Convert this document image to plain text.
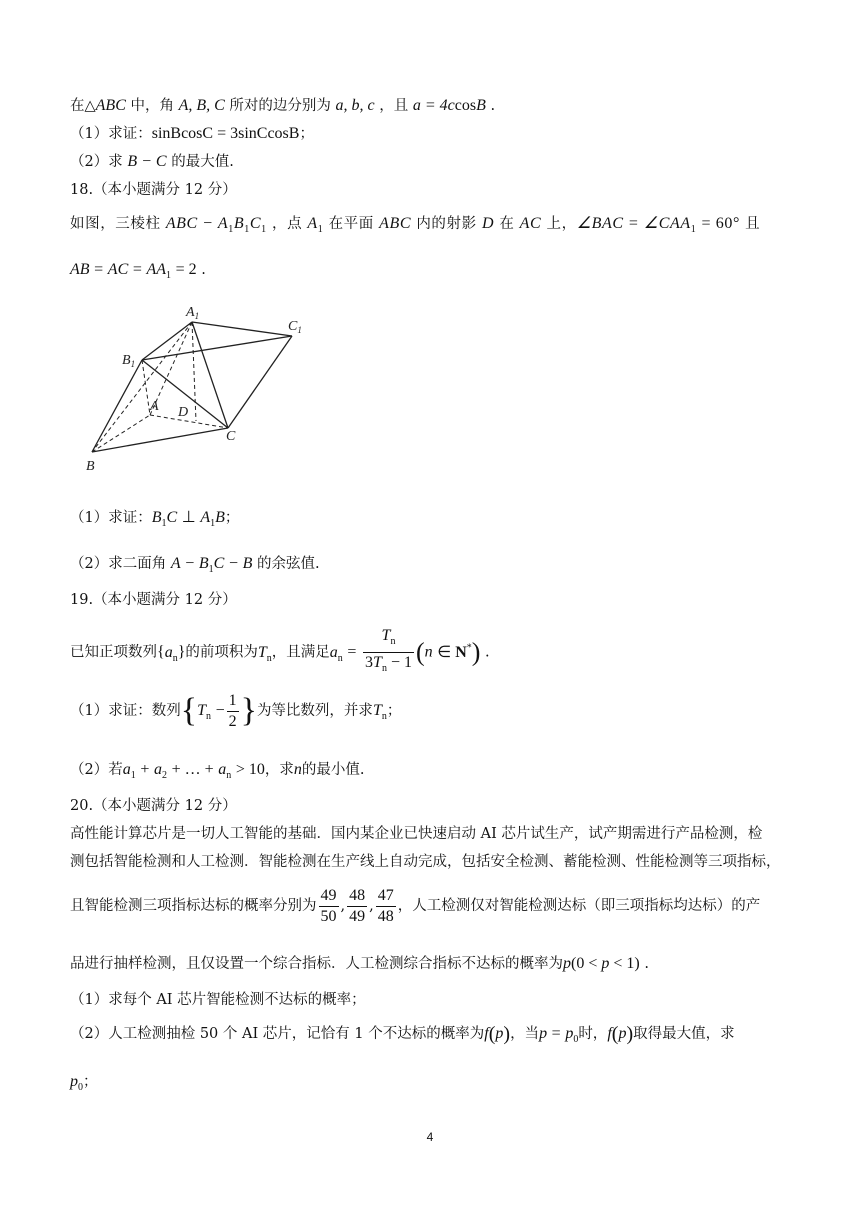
在△ABC 中，角 A, B, C 所对的边分别为 a, b, c ，且 a = 4ccosB .
（1）求证：sinBcosC = 3sinCcosB；
（2）求 B − C 的最大值.
18.（本小题满分 12 分）
如图，三棱柱 ABC − $A_1B_1C_1$ ，点 $A_1$ 在平面 ABC 内的射影 D 在 AC 上，∠BAC = $\angle CAA_1 = 60^\circ$ 且
AB = AC = $AA_1 = 2$ .
$A_1$
$C_1$
$B_1$
A D
C
B
（1）求证：$B_1C$ ⊥ $A_1B$；
（2）求二面角 $A - B_1C - B$ 的余弦值.
19.（本小题满分 12 分）
已知正项数列$\{a_n\}$的前项积为$T_n$，且满足$a_n = \frac{T_n}{3T_n - 1} (n$ ∈ N*) .
（1）求证：数列{$T_n - \frac{1}{2}$ }为等比数列，并求$T_n$；
（2）若$a_1 + a_2$ + … + $a_n > 10$，求n的最小值.
20.（本小题满分 12 分）
高性能计算芯片是一切人工智能的基础．国内某企业已快速启动 AI 芯片试生产，试产期需进行产品检测，检
测包括智能检测和人工检测．智能检测在生产线上自动完成，包括安全检测、蓄能检测、性能检测等三项指标，
且智能检测三项指标达标的概率分别为 $\frac{49}{50}$ , $\frac{48}{49}$ , $\frac{47}{48}$ ，人工检测仅对智能检测达标（即三项指标均达标）的产
品进行抽样检测，且仅设置一个综合指标．人工检测综合指标不达标的概率为p(0 < p < 1) .
（1）求每个 AI 芯片智能检测不达标的概率；
（2）人工检测抽检 50 个 AI 芯片，记恰有 1 个不达标的概率为f(p)，当$p = p_0$时，f(p)取得最大值，求
$p_0$；
4
